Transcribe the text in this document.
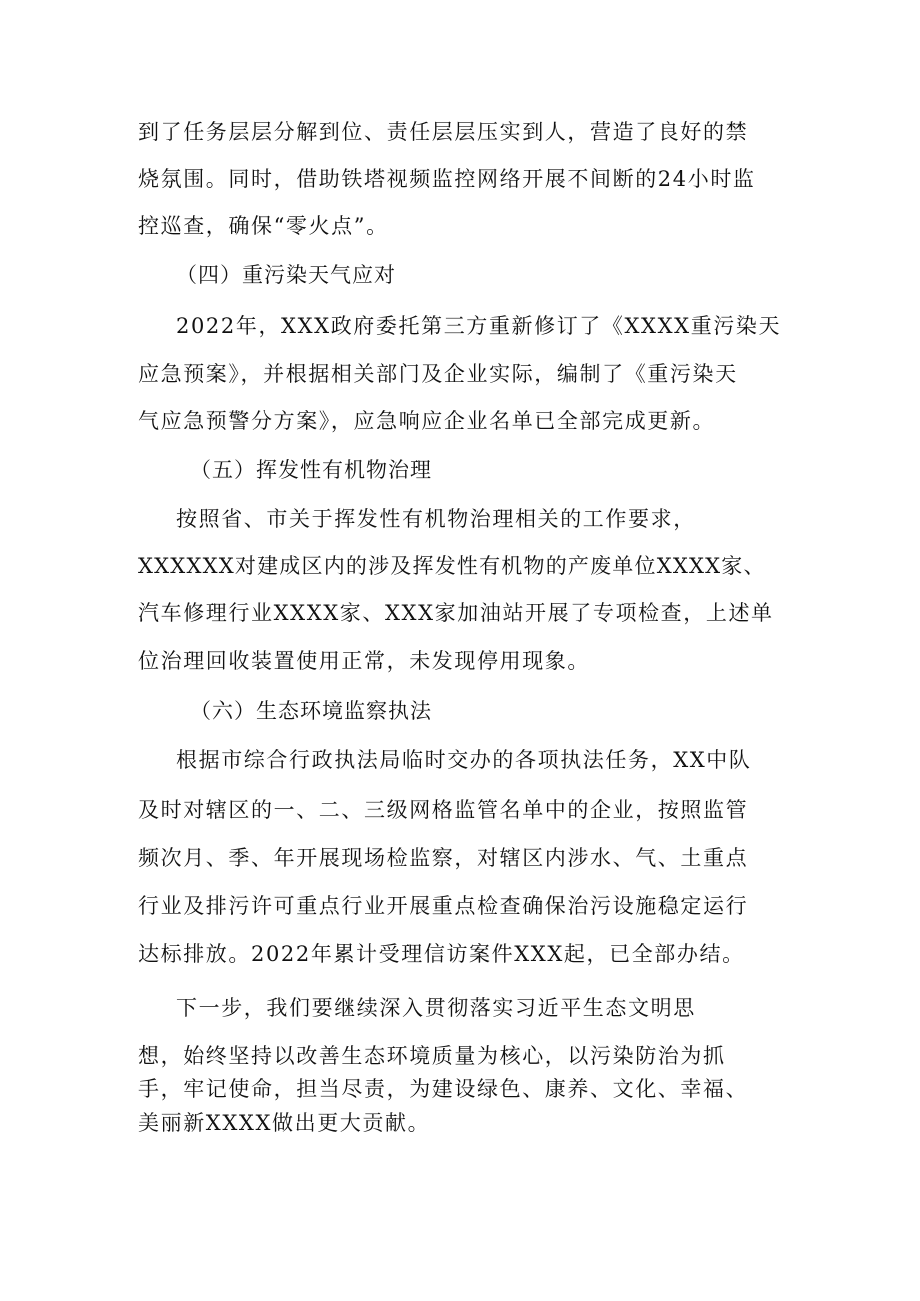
到了任务层层分解到位、责任层层压实到人，营造了良好的禁
烧氛围。同时，借助铁塔视频监控网络开展不间断的24小时监
控巡查，确保“零火点”。
（四）重污染天气应对
2022年，XXX政府委托第三方重新修订了《XXXX重污染天
应急预案》，并根据相关部门及企业实际，编制了《重污染天
气应急预警分方案》，应急响应企业名单已全部完成更新。
（五）挥发性有机物治理
按照省、市关于挥发性有机物治理相关的工作要求，
XXXXXX对建成区内的涉及挥发性有机物的产废单位XXXX家、
汽车修理行业XXXX家、XXX家加油站开展了专项检查，上述单
位治理回收装置使用正常，未发现停用现象。
（六）生态环境监察执法
根据市综合行政执法局临时交办的各项执法任务，XX中队
及时对辖区的一、二、三级网格监管名单中的企业，按照监管
频次月、季、年开展现场检监察，对辖区内涉水、气、土重点
行业及排污许可重点行业开展重点检查确保治污设施稳定运行
达标排放。2022年累计受理信访案件XXX起，已全部办结。
下一步，我们要继续深入贯彻落实习近平生态文明思
想，始终坚持以改善生态环境质量为核心，以污染防治为抓
手，牢记使命，担当尽责，为建设绿色、康养、文化、幸福、
美丽新XXXX做出更大贡献。
